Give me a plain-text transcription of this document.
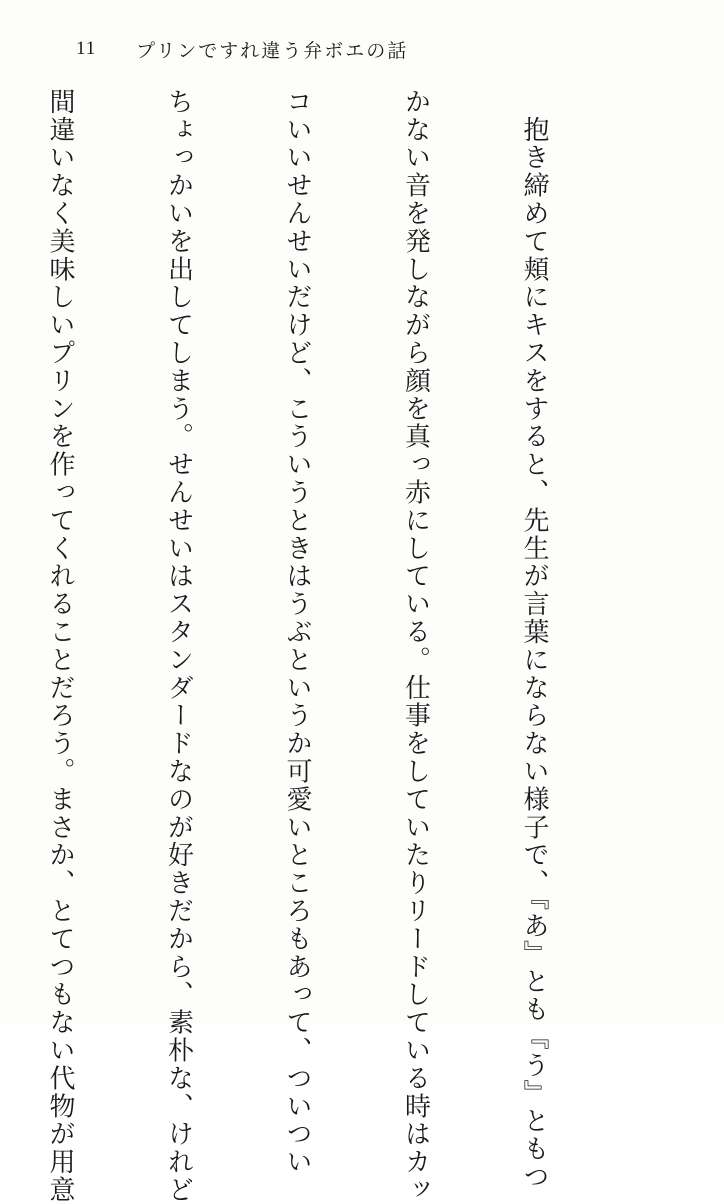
11	プリンですれ違う弁ボエの話

　抱き締めて頬にキスをすると、先生が言葉にならない様子で、『あ』とも『う』ともつ

かない音を発しながら顔を真っ赤にしている。仕事をしていたりリードしている時はカッ

コいいせんせいだけど、こういうときはうぶというか可愛いところもあって、ついつい

ちょっかいを出してしまう。せんせいはスタンダードなのが好きだから、素朴な、けれど

間違いなく美味しいプリンを作ってくれることだろう。まさか、とてつもない代物が用意
